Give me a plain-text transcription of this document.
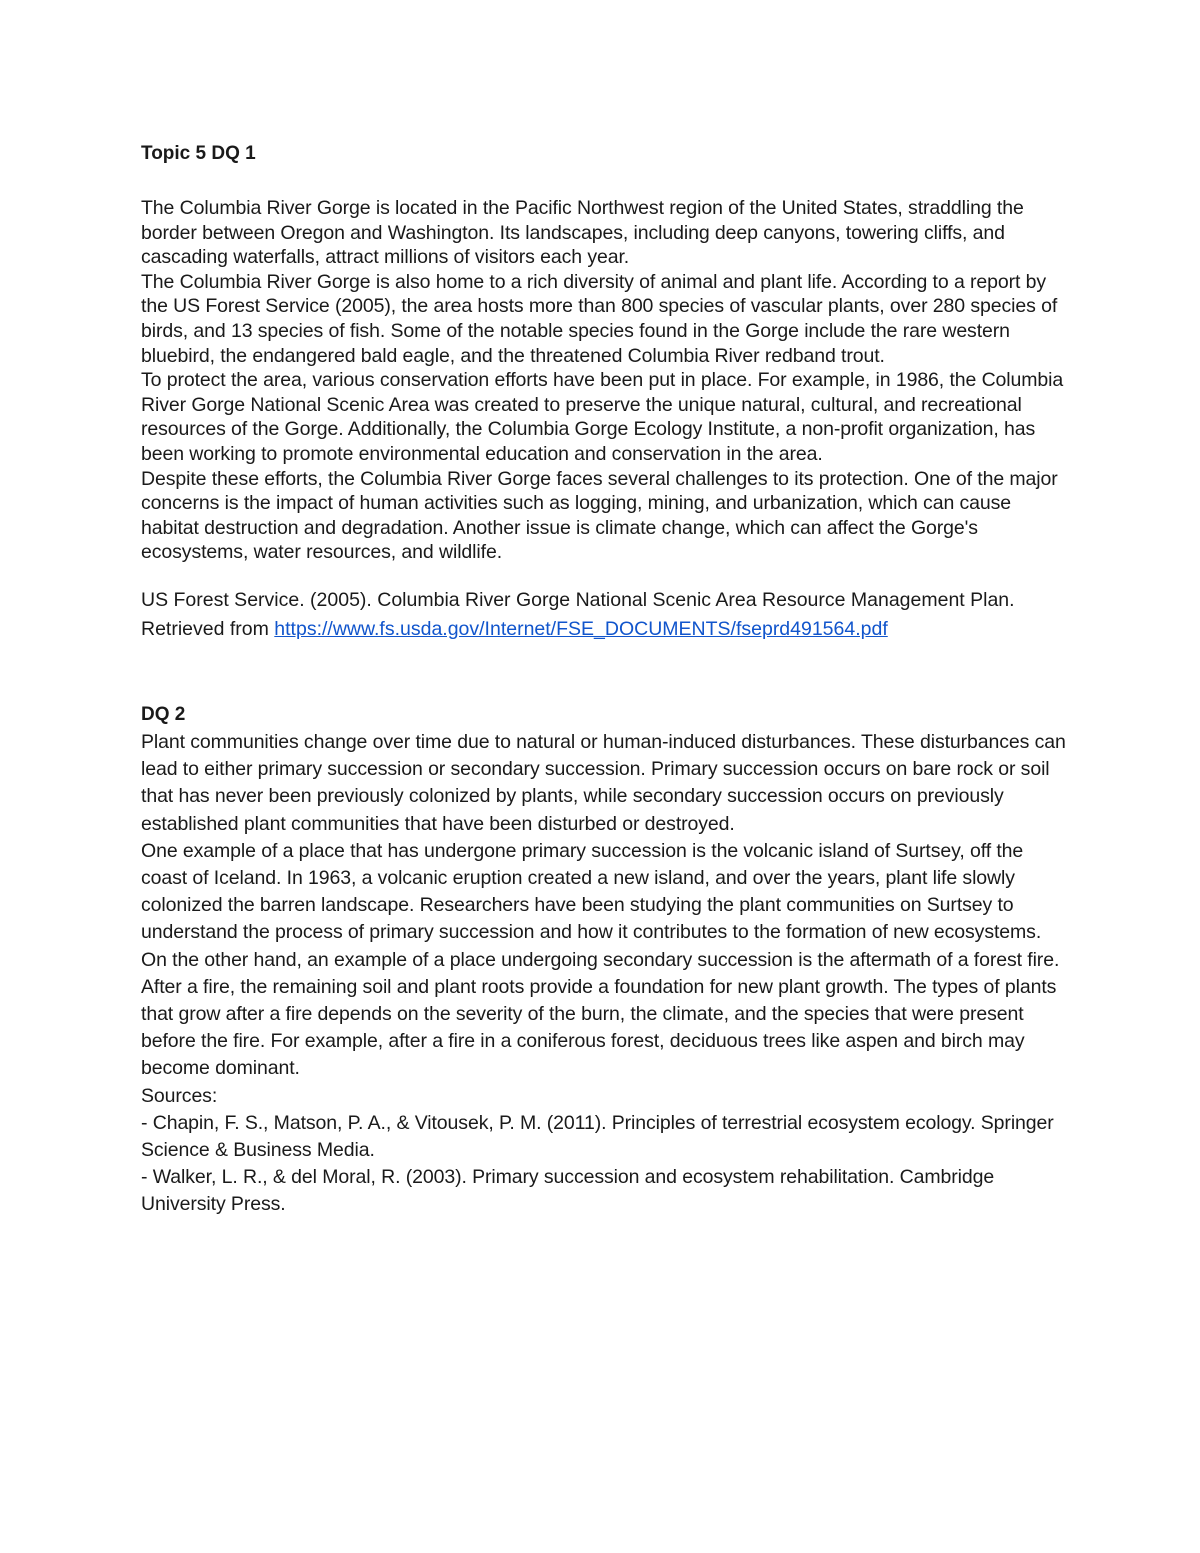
Topic 5 DQ 1

The Columbia River Gorge is located in the Pacific Northwest region of the United States, straddling the border between Oregon and Washington. Its landscapes, including deep canyons, towering cliffs, and cascading waterfalls, attract millions of visitors each year.

The Columbia River Gorge is also home to a rich diversity of animal and plant life. According to a report by the US Forest Service (2005), the area hosts more than 800 species of vascular plants, over 280 species of birds, and 13 species of fish. Some of the notable species found in the Gorge include the rare western bluebird, the endangered bald eagle, and the threatened Columbia River redband trout.

To protect the area, various conservation efforts have been put in place. For example, in 1986, the Columbia River Gorge National Scenic Area was created to preserve the unique natural, cultural, and recreational resources of the Gorge. Additionally, the Columbia Gorge Ecology Institute, a non-profit organization, has been working to promote environmental education and conservation in the area.

Despite these efforts, the Columbia River Gorge faces several challenges to its protection. One of the major concerns is the impact of human activities such as logging, mining, and urbanization, which can cause habitat destruction and degradation. Another issue is climate change, which can affect the Gorge's ecosystems, water resources, and wildlife.

US Forest Service. (2005). Columbia River Gorge National Scenic Area Resource Management Plan. Retrieved from https://www.fs.usda.gov/Internet/FSE_DOCUMENTS/fseprd491564.pdf

DQ 2

Plant communities change over time due to natural or human-induced disturbances. These disturbances can lead to either primary succession or secondary succession. Primary succession occurs on bare rock or soil that has never been previously colonized by plants, while secondary succession occurs on previously established plant communities that have been disturbed or destroyed.

One example of a place that has undergone primary succession is the volcanic island of Surtsey, off the coast of Iceland. In 1963, a volcanic eruption created a new island, and over the years, plant life slowly colonized the barren landscape. Researchers have been studying the plant communities on Surtsey to understand the process of primary succession and how it contributes to the formation of new ecosystems.

On the other hand, an example of a place undergoing secondary succession is the aftermath of a forest fire. After a fire, the remaining soil and plant roots provide a foundation for new plant growth. The types of plants that grow after a fire depends on the severity of the burn, the climate, and the species that were present before the fire. For example, after a fire in a coniferous forest, deciduous trees like aspen and birch may become dominant.

Sources:

- Chapin, F. S., Matson, P. A., & Vitousek, P. M. (2011). Principles of terrestrial ecosystem ecology. Springer Science & Business Media.

- Walker, L. R., & del Moral, R. (2003). Primary succession and ecosystem rehabilitation. Cambridge University Press.
